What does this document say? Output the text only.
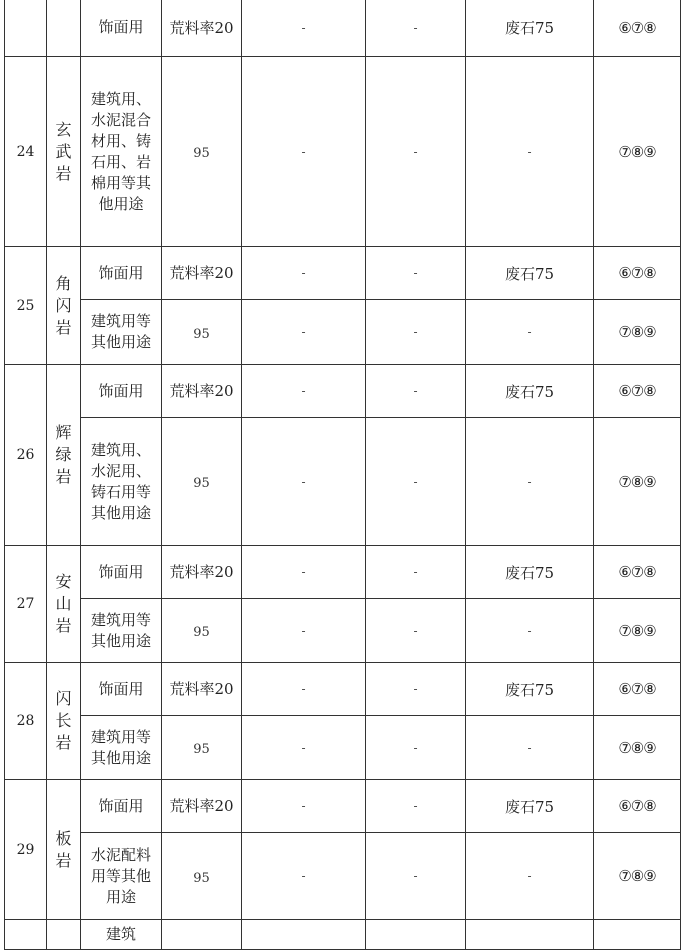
		饰面用	荒料率20	-	-	废石75	⑥⑦⑧
24	玄武岩	建筑用、水泥混合材用、铸石用、岩棉用等其他用途	95	-	-	-	⑦⑧⑨
25	角闪岩	饰面用	荒料率20	-	-	废石75	⑥⑦⑧
		建筑用等其他用途	95	-	-	-	⑦⑧⑨
26	辉绿岩	饰面用	荒料率20	-	-	废石75	⑥⑦⑧
		建筑用、水泥用、铸石用等其他用途	95	-	-	-	⑦⑧⑨
27	安山岩	饰面用	荒料率20	-	-	废石75	⑥⑦⑧
		建筑用等其他用途	95	-	-	-	⑦⑧⑨
28	闪长岩	饰面用	荒料率20	-	-	废石75	⑥⑦⑧
		建筑用等其他用途	95	-	-	-	⑦⑧⑨
29	板岩	饰面用	荒料率20	-	-	废石75	⑥⑦⑧
		水泥配料用等其他用途	95	-	-	-	⑦⑧⑨
		建筑					
